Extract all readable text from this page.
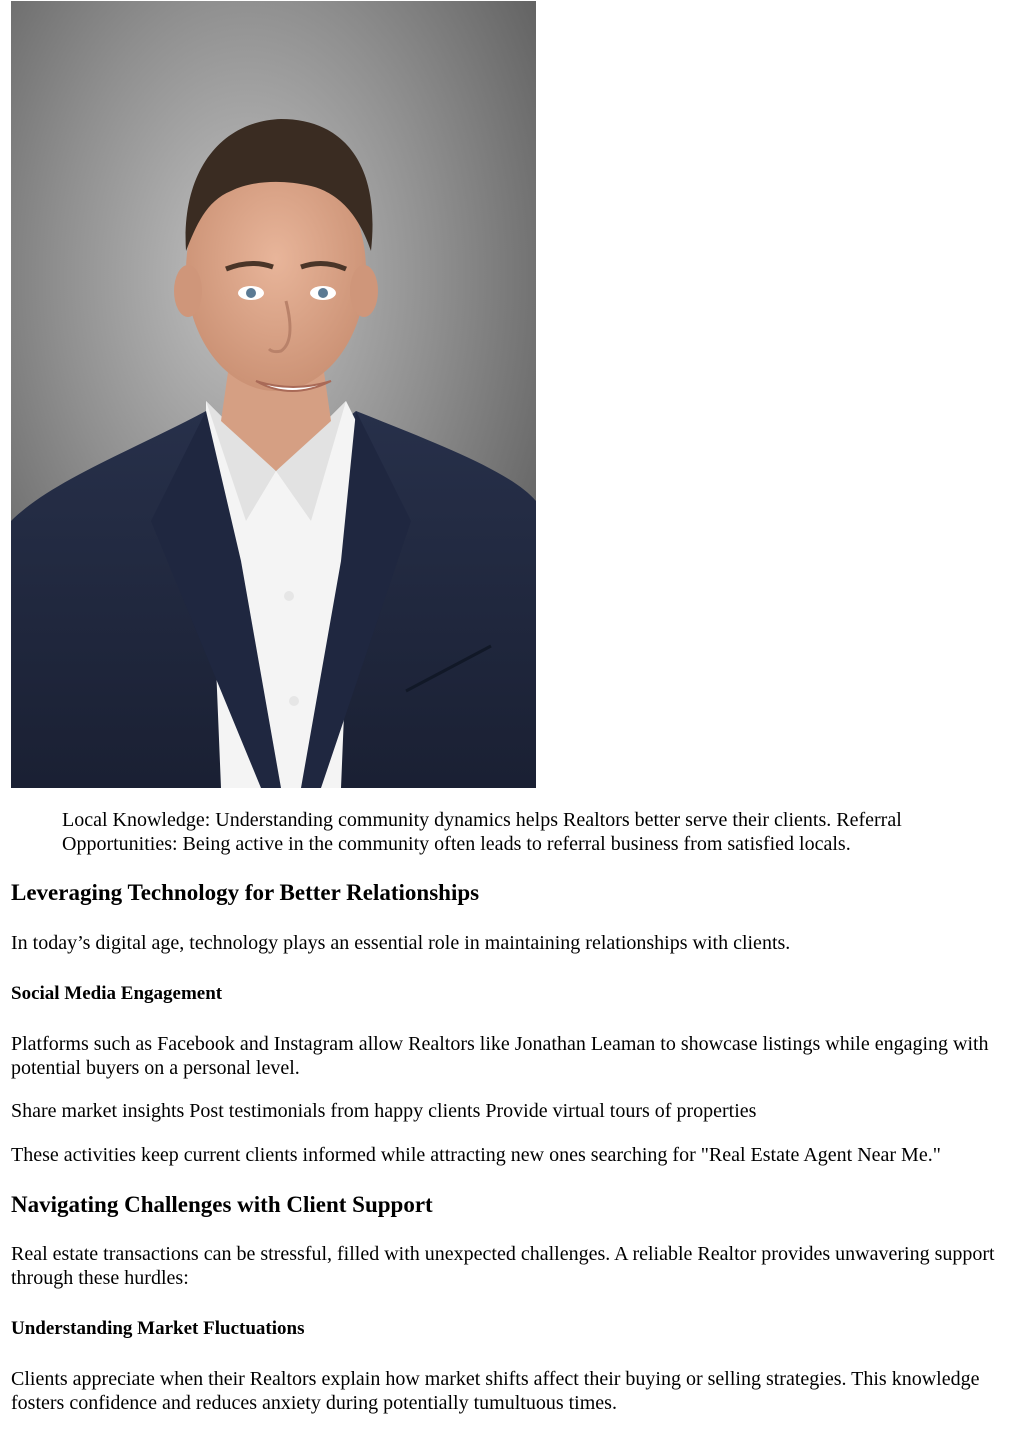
Local Knowledge: Understanding community dynamics helps Realtors better serve their clients. Referral Opportunities: Being active in the community often leads to referral business from satisfied locals.

Leveraging Technology for Better Relationships

In today’s digital age, technology plays an essential role in maintaining relationships with clients.

Social Media Engagement

Platforms such as Facebook and Instagram allow Realtors like Jonathan Leaman to showcase listings while engaging with potential buyers on a personal level.

Share market insights Post testimonials from happy clients Provide virtual tours of properties

These activities keep current clients informed while attracting new ones searching for "Real Estate Agent Near Me."

Navigating Challenges with Client Support

Real estate transactions can be stressful, filled with unexpected challenges. A reliable Realtor provides unwavering support through these hurdles:

Understanding Market Fluctuations

Clients appreciate when their Realtors explain how market shifts affect their buying or selling strategies. This knowledge fosters confidence and reduces anxiety during potentially tumultuous times.
